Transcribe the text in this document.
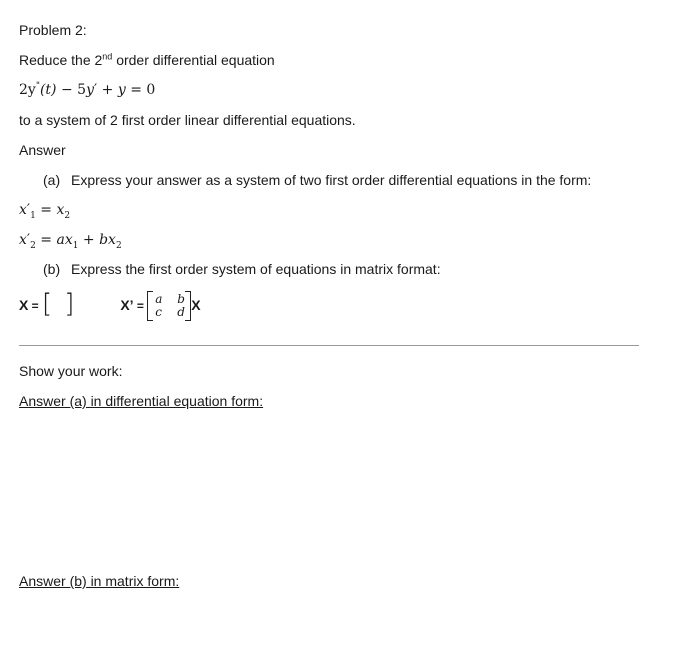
Problem 2:
Reduce the 2nd order differential equation
2y"(t) − 5y′ + y = 0
to a system of 2 first order linear differential equations.
Answer
(a) Express your answer as a system of two first order differential equations in the form:
$x'_1 = x_2$
$x'_2 = ax_1 + bx_2$
(b) Express the first order system of equations in matrix format:
X = [ ]	X’ = a b
c d X
Show your work:
Answer (a) in differential equation form:
Answer (b) in matrix form:
